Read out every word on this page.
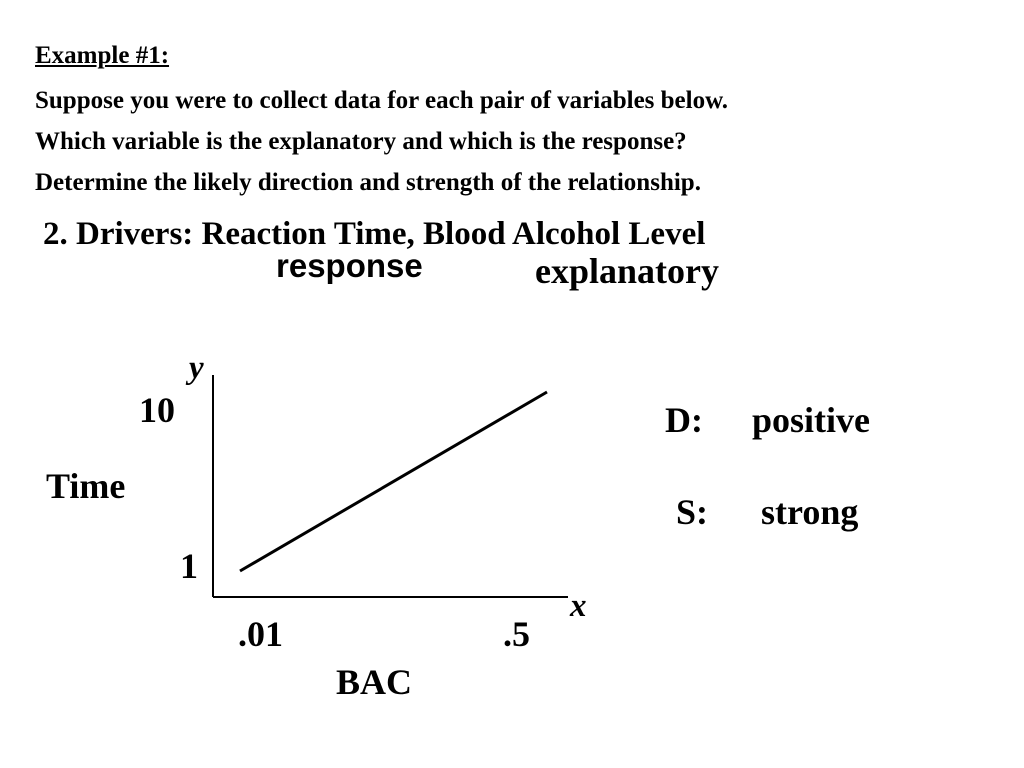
Example #1:
Suppose you were to collect data for each pair of variables below.
Which variable is the explanatory and which is the response?
Determine the likely direction and strength of the relationship.
2. Drivers: Reaction Time, Blood Alcohol Level
response	explanatory
y
x
10
Time
1
.01	.5
BAC
D: positive
S: strong
